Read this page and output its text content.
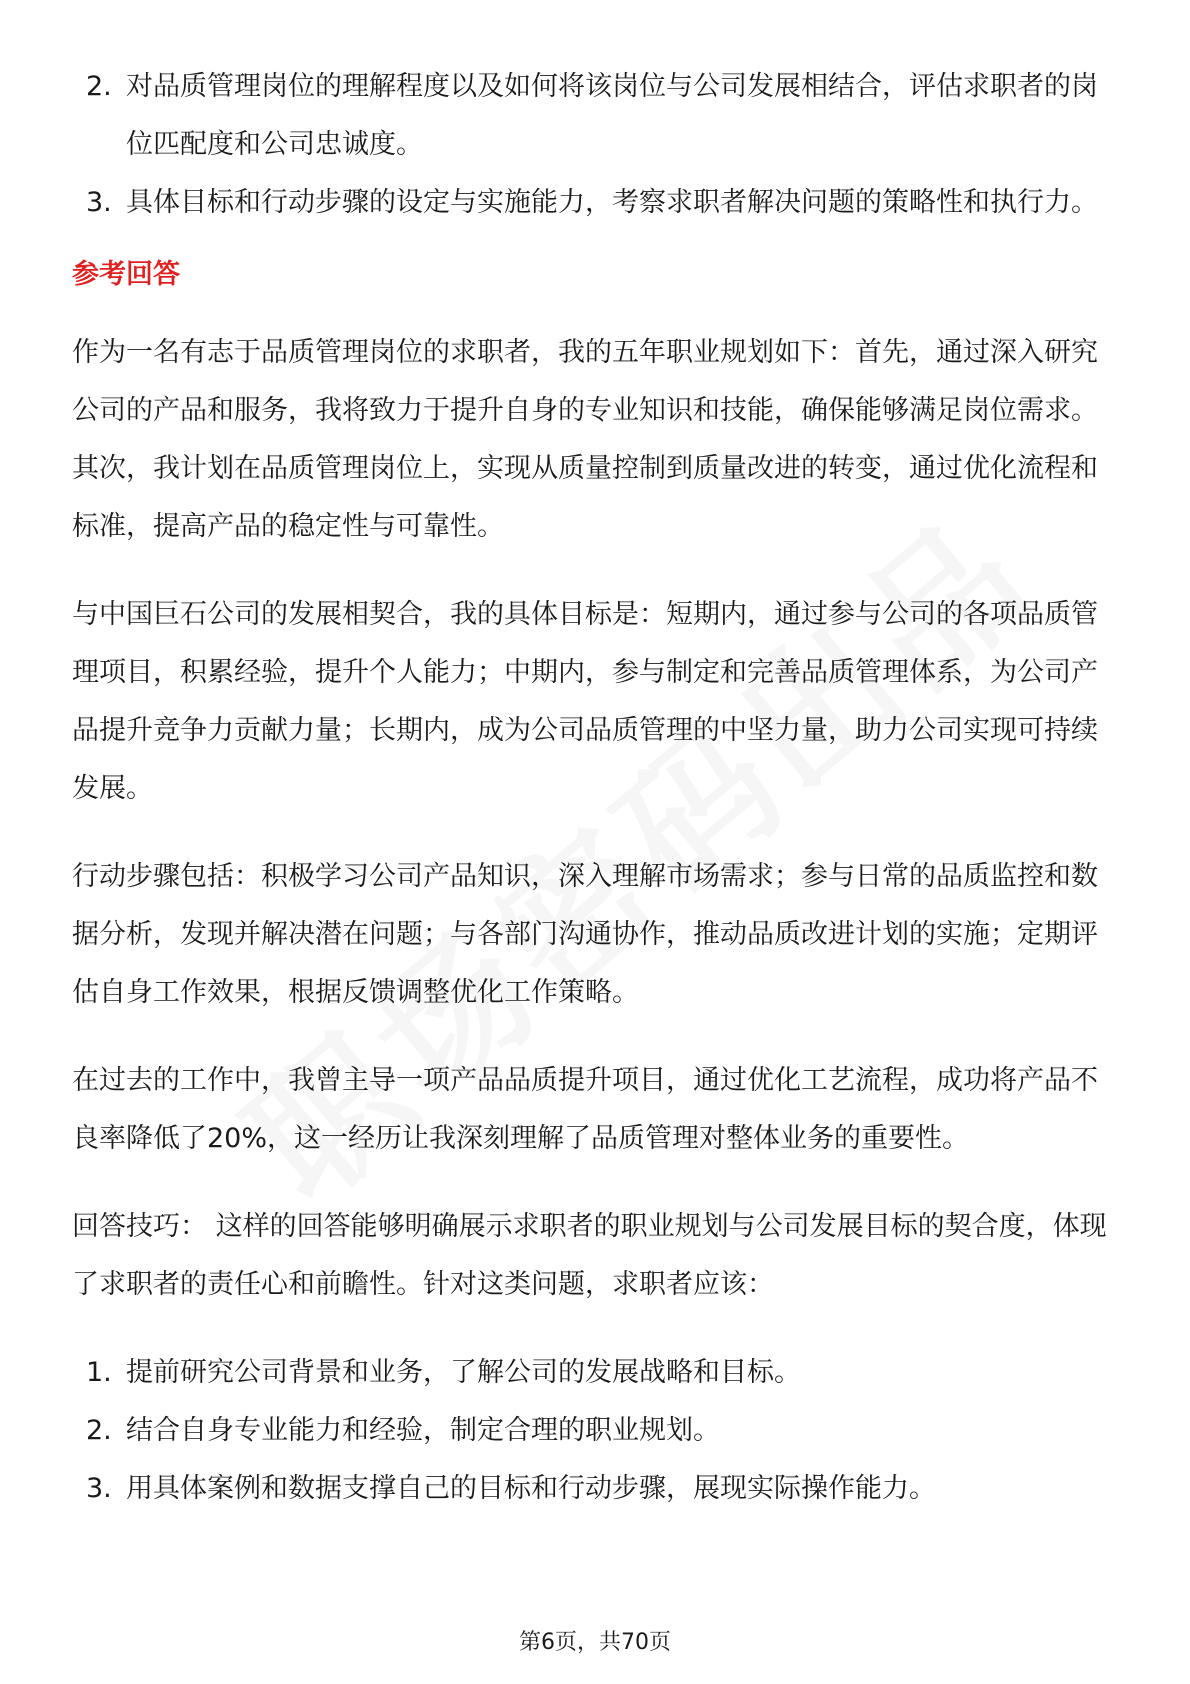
2. 对品质管理岗位的理解程度以及如何将该岗位与公司发展相结合，评估求职者的岗位匹配度和公司忠诚度。
3. 具体目标和行动步骤的设定与实施能力，考察求职者解决问题的策略性和执行力。
参考回答

作为一名有志于品质管理岗位的求职者，我的五年职业规划如下：首先，通过深入研究公司的产品和服务，我将致力于提升自身的专业知识和技能，确保能够满足岗位需求。其次，我计划在品质管理岗位上，实现从质量控制到质量改进的转变，通过优化流程和标准，提高产品的稳定性与可靠性。

与中国巨石公司的发展相契合，我的具体目标是：短期内，通过参与公司的各项品质管理项目，积累经验，提升个人能力；中期内，参与制定和完善品质管理体系，为公司产品提升竞争力贡献力量；长期内，成为公司品质管理的中坚力量，助力公司实现可持续发展。

行动步骤包括：积极学习公司产品知识，深入理解市场需求；参与日常的品质监控和数据分析，发现并解决潜在问题；与各部门沟通协作，推动品质改进计划的实施；定期评估自身工作效果，根据反馈调整优化工作策略。

在过去的工作中，我曾主导一项产品品质提升项目，通过优化工艺流程，成功将产品不良率降低了20%，这一经历让我深刻理解了品质管理对整体业务的重要性。

回答技巧： 这样的回答能够明确展示求职者的职业规划与公司发展目标的契合度，体现了求职者的责任心和前瞻性。针对这类问题，求职者应该：

1. 提前研究公司背景和业务，了解公司的发展战略和目标。
2. 结合自身专业能力和经验，制定合理的职业规划。
3. 用具体案例和数据支撑自己的目标和行动步骤，展现实际操作能力。
第6页，共70页
